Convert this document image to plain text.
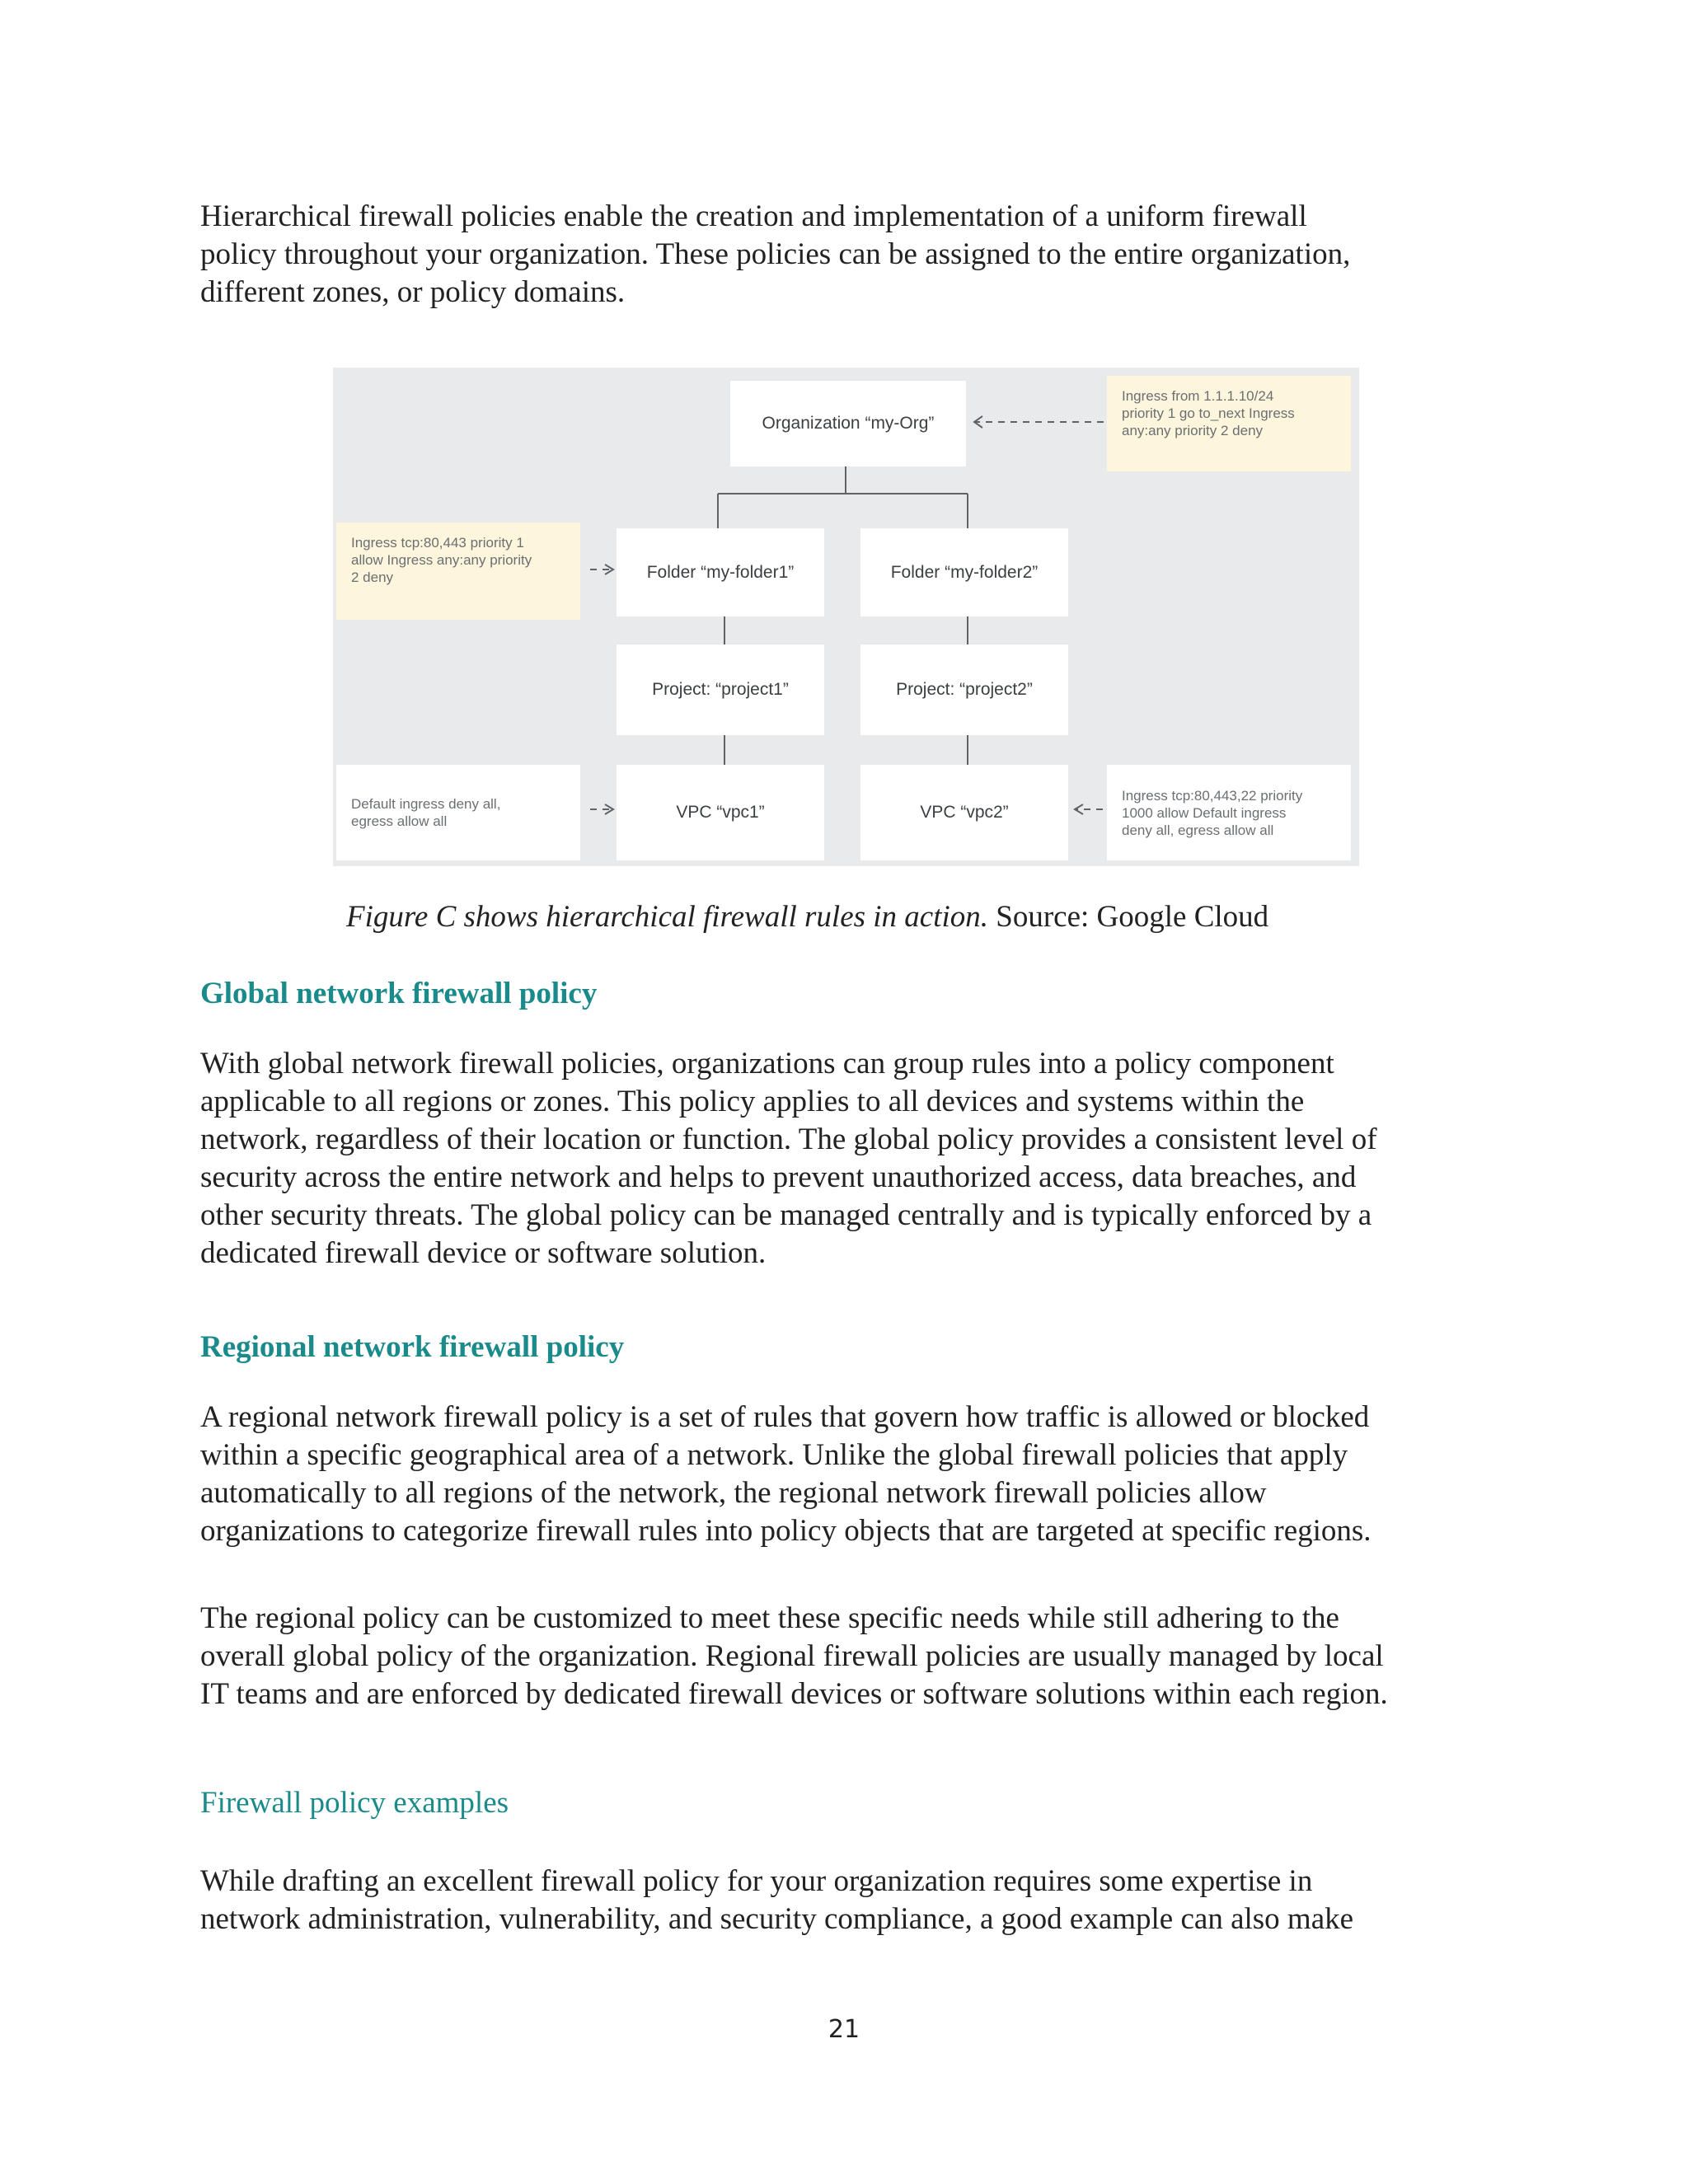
Hierarchical firewall policies enable the creation and implementation of a uniform firewall
policy throughout your organization. These policies can be assigned to the entire organization,
different zones, or policy domains.

Organization “my-Org”
Ingress from 1.1.1.10/24
priority 1 go to_next Ingress
any:any priority 2 deny
Ingress tcp:80,443 priority 1
allow Ingress any:any priority
2 deny	Folder “my-folder1”	Folder “my-folder2”
Project: “project1”	Project: “project2”
Default ingress deny all,
egress allow all	VPC “vpc1”	VPC “vpc2”
Ingress tcp:80,443,22 priority
1000 allow Default ingress
deny all, egress allow all

Figure C shows hierarchical firewall rules in action. Source: Google Cloud

Global network firewall policy

With global network firewall policies, organizations can group rules into a policy component
applicable to all regions or zones. This policy applies to all devices and systems within the
network, regardless of their location or function. The global policy provides a consistent level of
security across the entire network and helps to prevent unauthorized access, data breaches, and
other security threats. The global policy can be managed centrally and is typically enforced by a
dedicated firewall device or software solution.

Regional network firewall policy

A regional network firewall policy is a set of rules that govern how traffic is allowed or blocked
within a specific geographical area of a network. Unlike the global firewall policies that apply
automatically to all regions of the network, the regional network firewall policies allow
organizations to categorize firewall rules into policy objects that are targeted at specific regions.

The regional policy can be customized to meet these specific needs while still adhering to the
overall global policy of the organization. Regional firewall policies are usually managed by local
IT teams and are enforced by dedicated firewall devices or software solutions within each region.

Firewall policy examples

While drafting an excellent firewall policy for your organization requires some expertise in
network administration, vulnerability, and security compliance, a good example can also make

21
